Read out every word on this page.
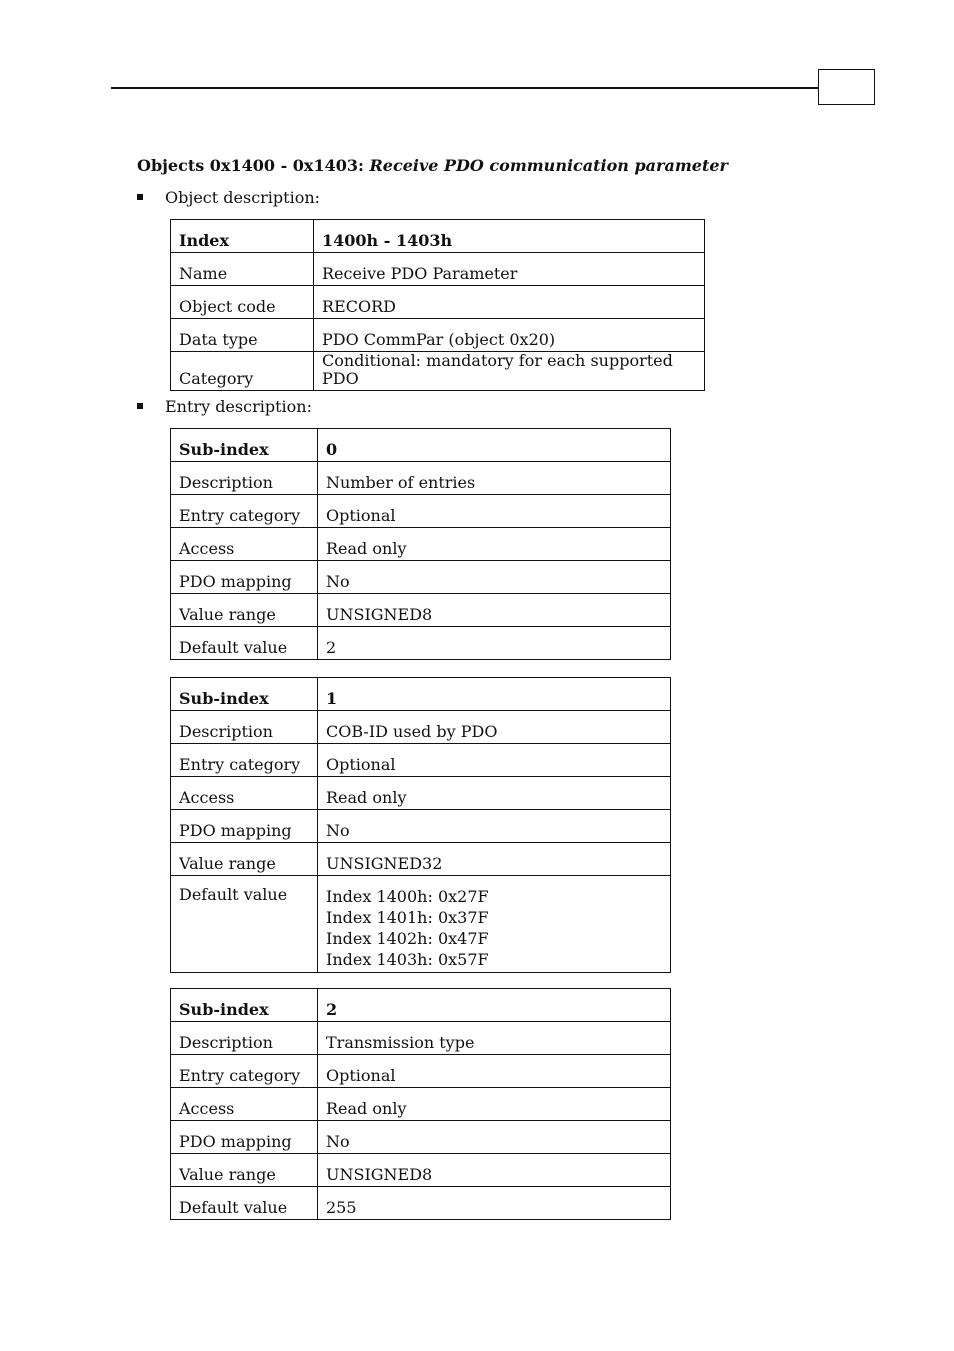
Objects 0x1400 - 0x1403: Receive PDO communication parameter
Object description:
Index	1400h - 1403h
Name	Receive PDO Parameter
Object code	RECORD
Data type	PDO CommPar (object 0x20)
Category	Conditional: mandatory for each supported PDO
Entry description:
Sub-index	0
Description	Number of entries
Entry category	Optional
Access	Read only
PDO mapping	No
Value range	UNSIGNED8
Default value	2
Sub-index	1
Description	COB-ID used by PDO
Entry category	Optional
Access	Read only
PDO mapping	No
Value range	UNSIGNED32
Default value	Index 1400h: 0x27F
Index 1401h: 0x37F
Index 1402h: 0x47F
Index 1403h: 0x57F
Sub-index	2
Description	Transmission type
Entry category	Optional
Access	Read only
PDO mapping	No
Value range	UNSIGNED8
Default value	255
